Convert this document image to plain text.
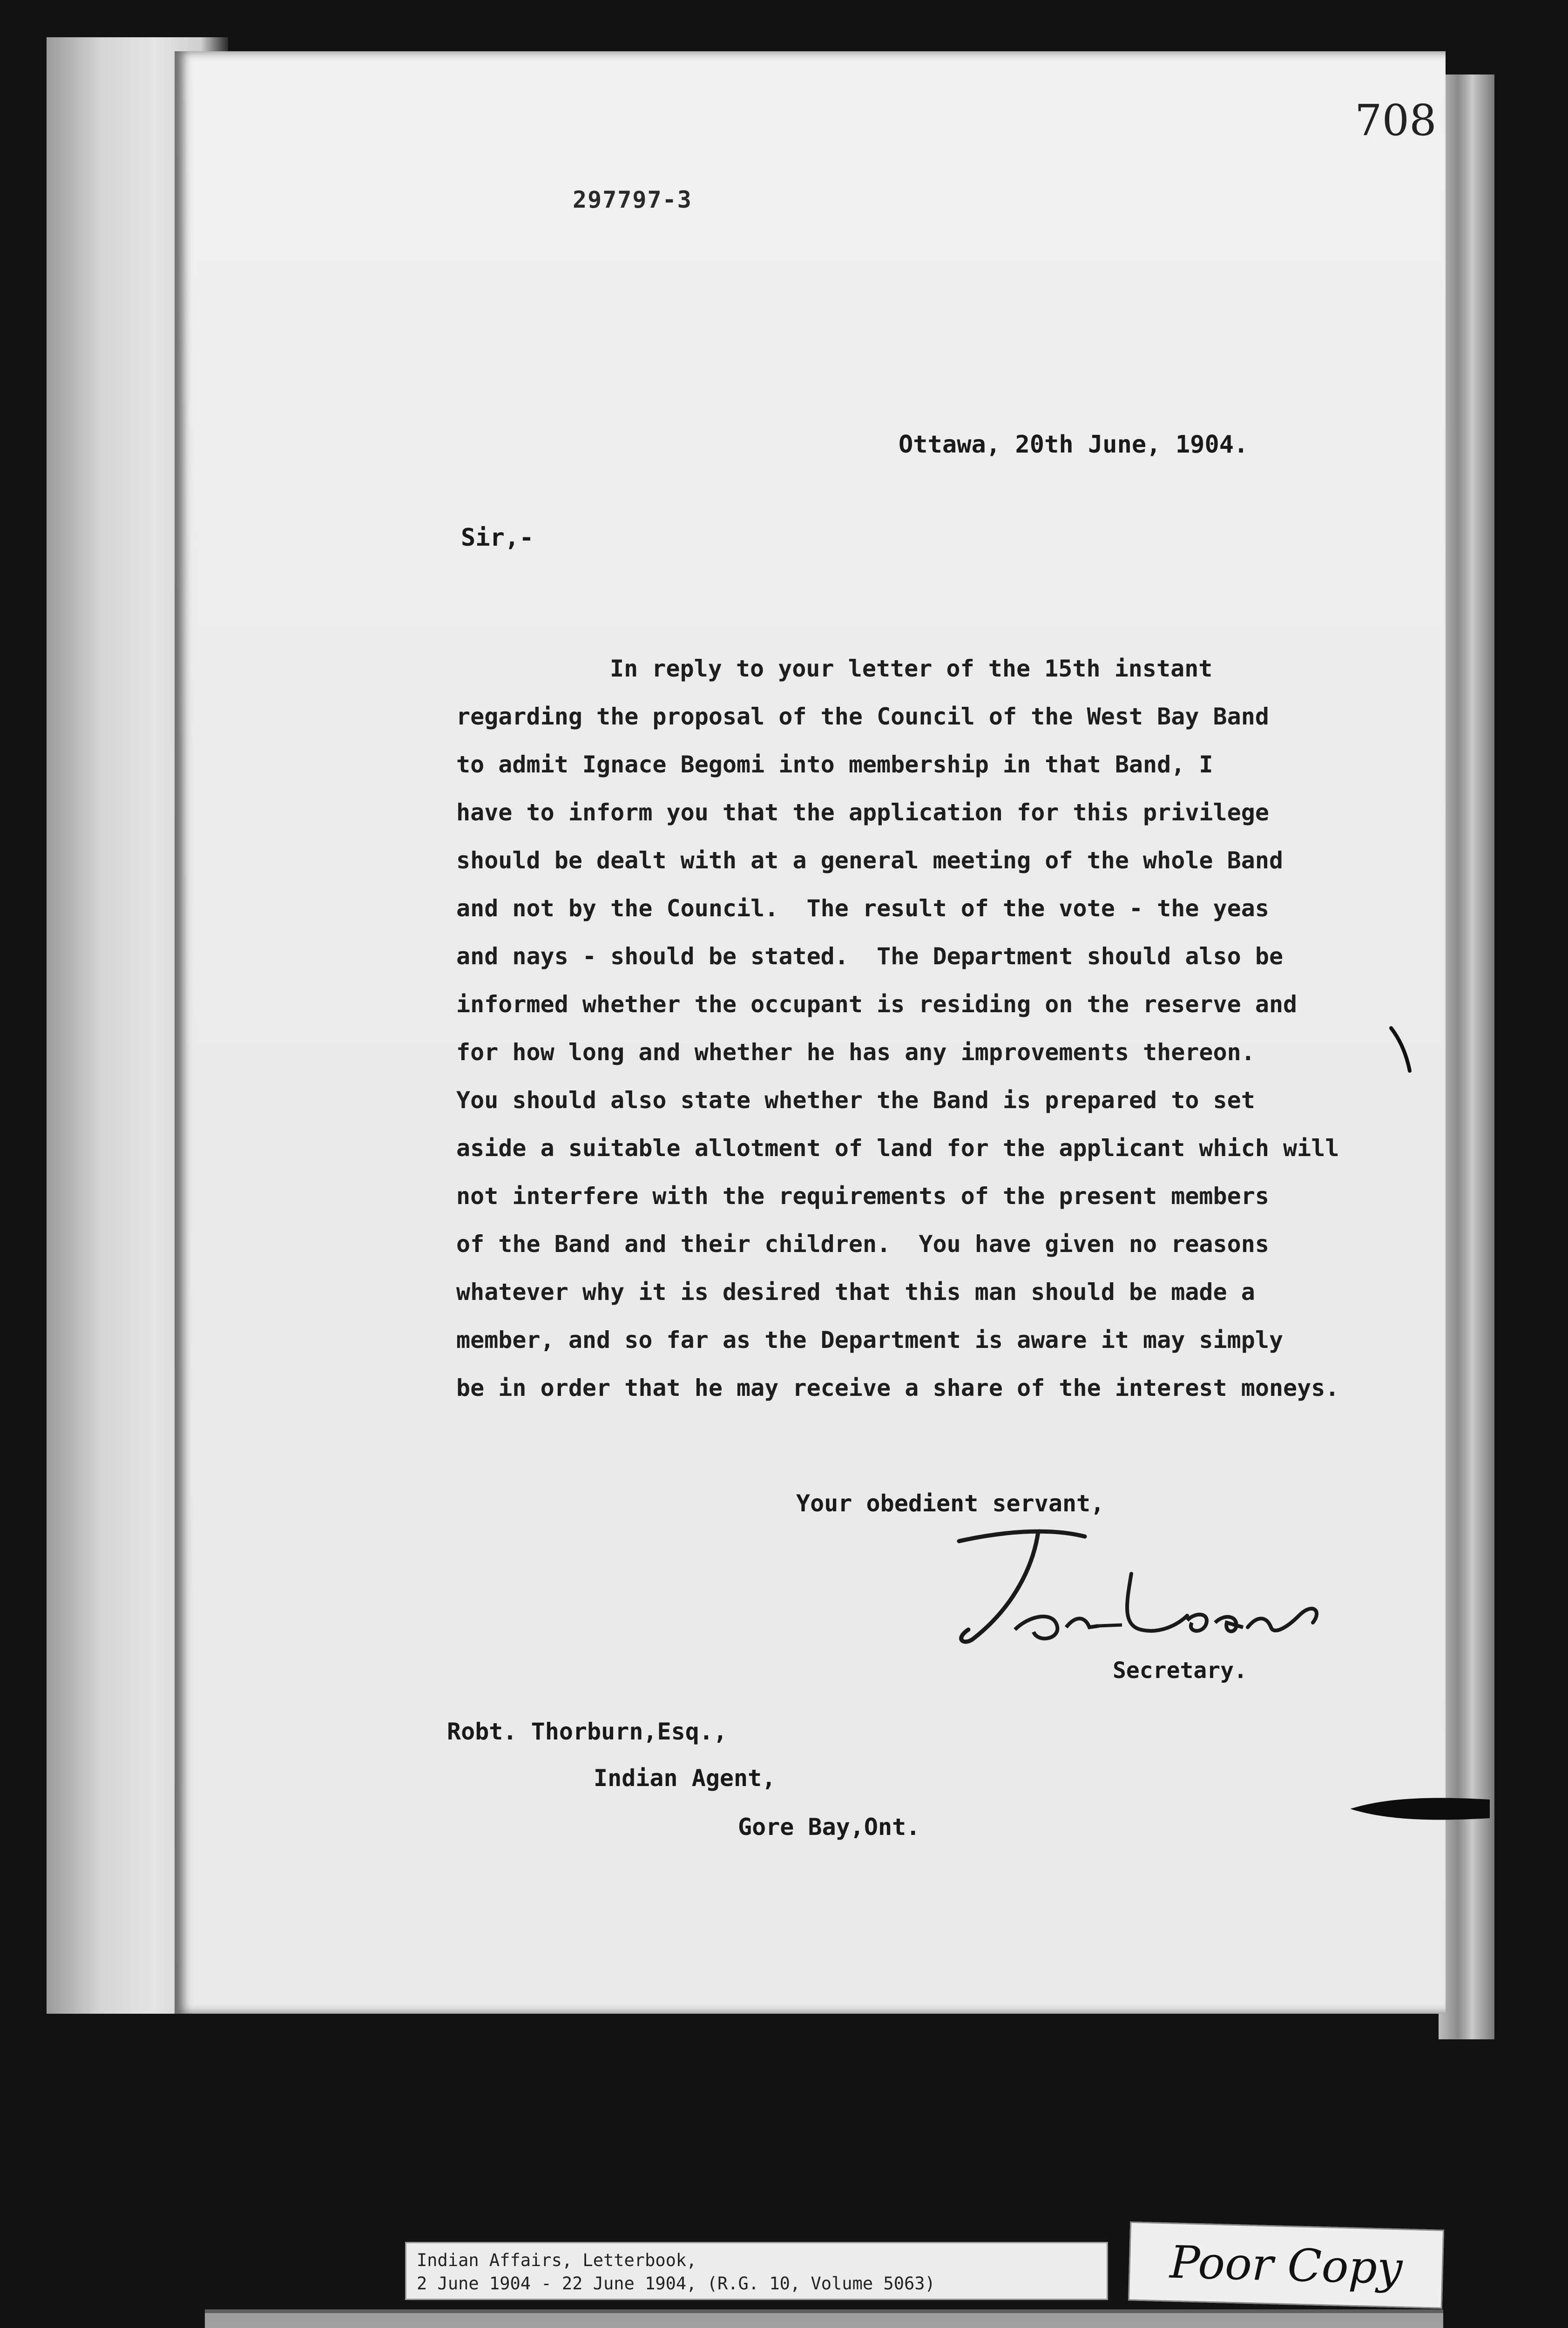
708
297797-3
Ottawa, 20th June, 1904.
Sir,-

In reply to your letter of the 15th instant

regarding the proposal of the Council of the West Bay Band

to admit Ignace Begomi into membership in that Band, I

have to inform you that the application for this privilege

should be dealt with at a general meeting of the whole Band

and not by the Council.  The result of the vote - the yeas

and nays - should be stated.  The Department should also be

informed whether the occupant is residing on the reserve and

for how long and whether he has any improvements thereon.

You should also state whether the Band is prepared to set

aside a suitable allotment of land for the applicant which will

not interfere with the requirements of the present members

of the Band and their children.  You have given no reasons

whatever why it is desired that this man should be made a

member, and so far as the Department is aware it may simply

be in order that he may receive a share of the interest moneys.

Your obedient servant,
Secretary.
Robt. Thorburn,Esq.,
Indian Agent,
Gore Bay,Ont.
Indian Affairs, Letterbook,
2 June 1904 - 22 June 1904, (R.G. 10, Volume 5063)	Poor Copy
